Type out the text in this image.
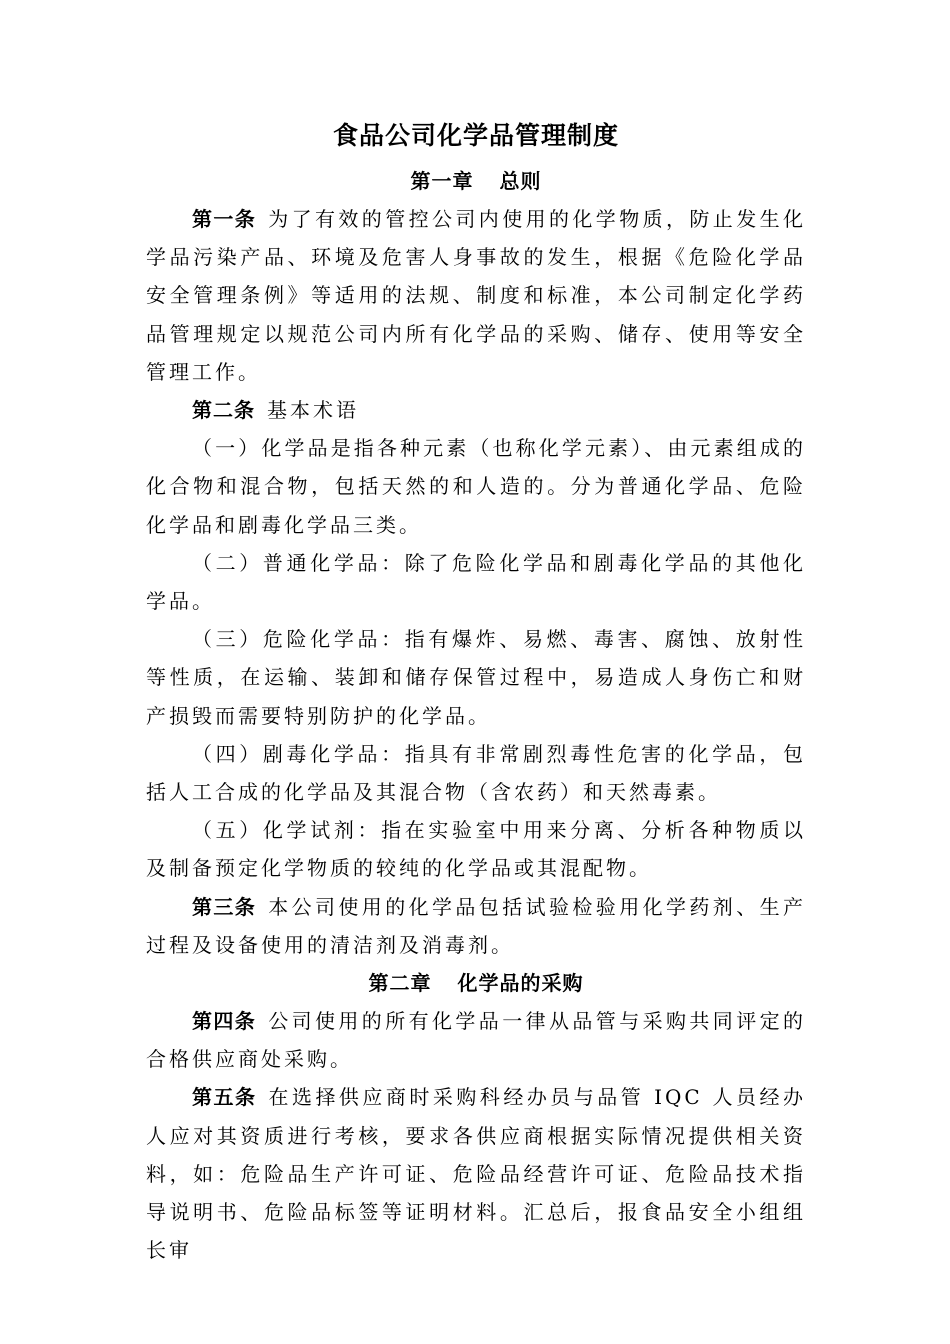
食品公司化学品管理制度
第一章 总则

第一条 为了有效的管控公司内使用的化学物质，防止发生化学品污染产品、环境及危害人身事故的发生，根据《危险化学品安全管理条例》等适用的法规、制度和标准，本公司制定化学药品管理规定以规范公司内所有化学品的采购、储存、使用等安全管理工作。

第二条 基本术语

（一）化学品是指各种元素（也称化学元素）、由元素组成的化合物和混合物，包括天然的和人造的。分为普通化学品、危险化学品和剧毒化学品三类。

（二）普通化学品：除了危险化学品和剧毒化学品的其他化学品。

（三）危险化学品：指有爆炸、易燃、毒害、腐蚀、放射性等性质，在运输、装卸和储存保管过程中，易造成人身伤亡和财产损毁而需要特别防护的化学品。

（四）剧毒化学品：指具有非常剧烈毒性危害的化学品，包括人工合成的化学品及其混合物（含农药）和天然毒素。

（五）化学试剂：指在实验室中用来分离、分析各种物质以及制备预定化学物质的较纯的化学品或其混配物。

第三条 本公司使用的化学品包括试验检验用化学药剂、生产过程及设备使用的清洁剂及消毒剂。

第二章 化学品的采购

第四条 公司使用的所有化学品一律从品管与采购共同评定的合格供应商处采购。

第五条 在选择供应商时采购科经办员与品管 IQC 人员经办人应对其资质进行考核，要求各供应商根据实际情况提供相关资料，如：危险品生产许可证、危险品经营许可证、危险品技术指导说明书、危险品标签等证明材料。汇总后，报食品安全小组组长审
